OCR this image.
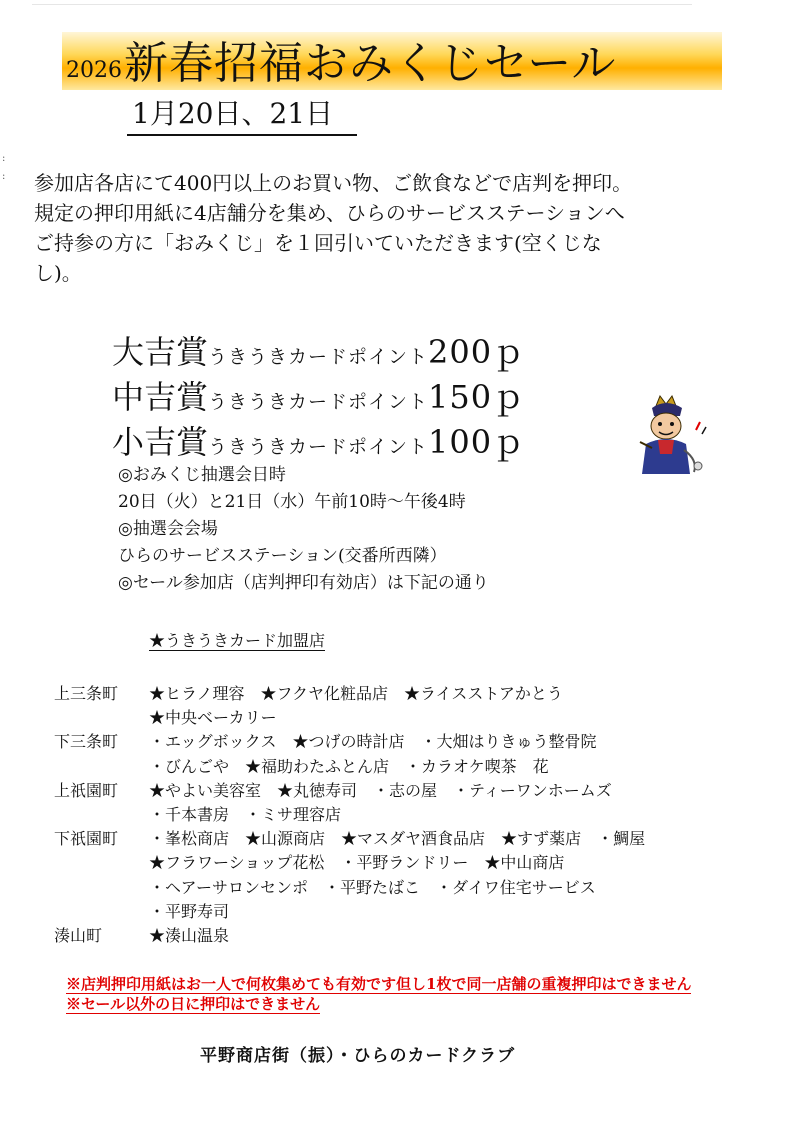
2026 新春招福おみくじセール
1月20日、21日
:
: 参加店各店にて400円以上のお買い物、ご飲食などで店判を押印。

規定の押印用紙に4店舗分を集め、ひらのサービスステーションへ

ご持参の方に「おみくじ」を１回引いていただきます(空くじな

し)。

大吉賞 うきうきカードポイント 200ｐ
中吉賞 うきうきカードポイント 150ｐ
小吉賞 うきうきカードポイント 100ｐ
◎おみくじ抽選会日時
20日（火）と21日（水）午前10時〜午後4時
◎抽選会会場
ひらのサービスステーション(交番所西隣）
◎セール参加店（店判押印有効店）は下記の通り
★うきうきカード加盟店
上三条町	★ヒラノ理容　★フクヤ化粧品店　★ライスストアかとう
★中央ベーカリー
下三条町	・エッグボックス　★つげの時計店　・大畑はりきゅう整骨院
・びんごや　★福助わたふとん店　・カラオケ喫茶　花
上祇園町	★やよい美容室　★丸徳寿司　・志の屋　・ティーワンホームズ
・千本書房　・ミサ理容店
下祇園町	・峯松商店　★山源商店　★マスダヤ酒食品店　★すず薬店　・鯛屋
★フラワーショップ花松　・平野ランドリー　★中山商店
・ヘアーサロンセンポ　・平野たばこ　・ダイワ住宅サービス
・平野寿司
湊山町	★湊山温泉
※店判押印用紙はお一人で何枚集めても有効です但し1枚で同一店舗の重複押印はできません
※セール以外の日に押印はできません
平野商店街（振）・ひらのカードクラブ
